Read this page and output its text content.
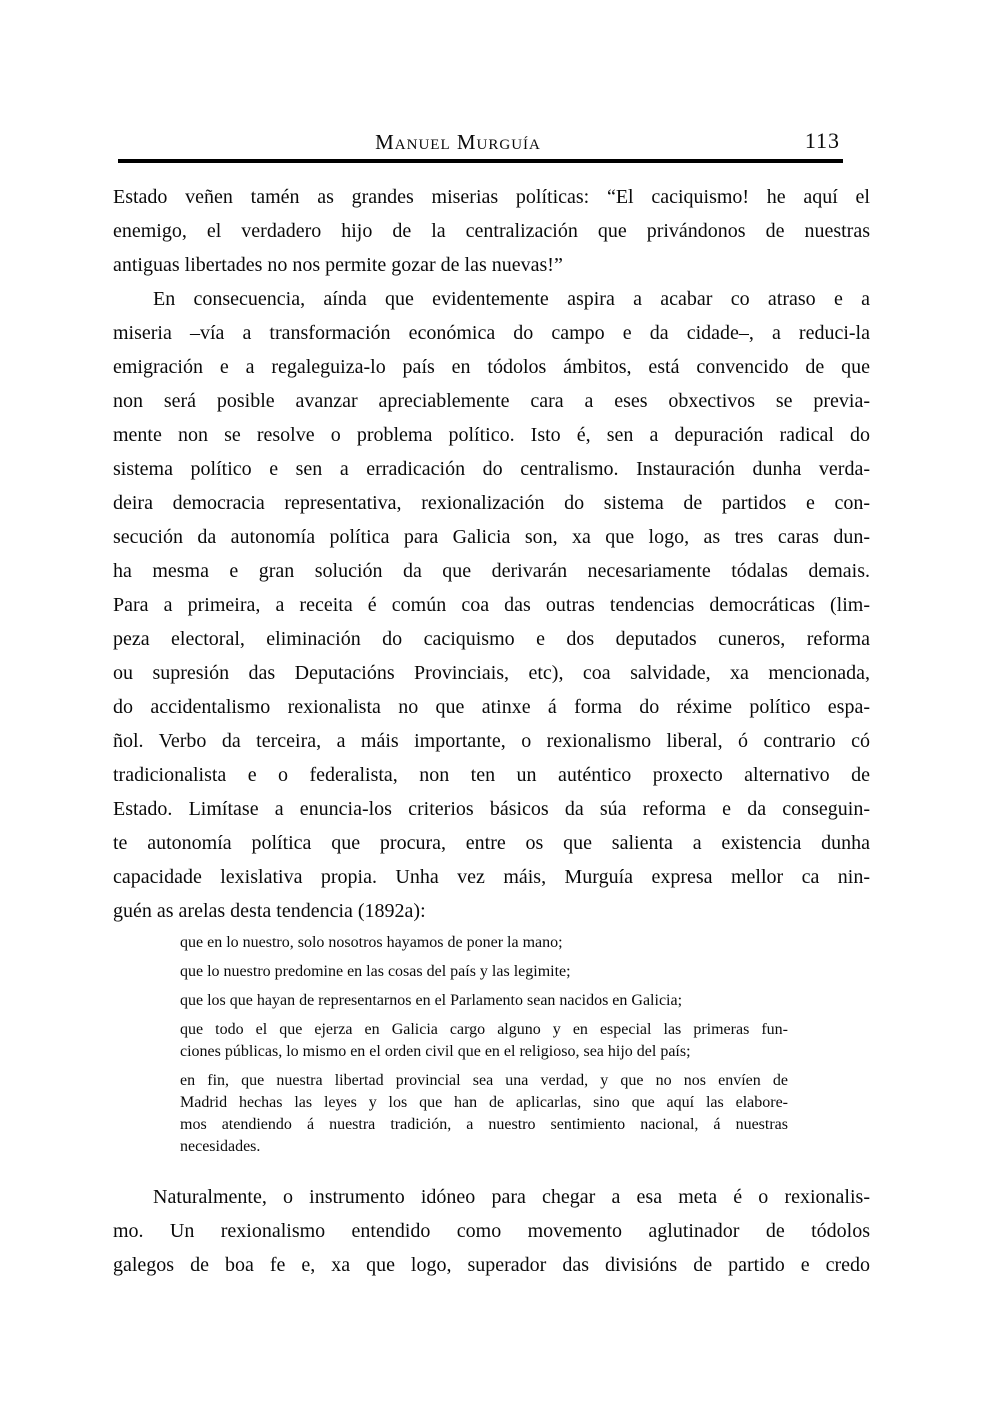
Manuel Murguía	113
Estado veñen tamén as grandes miserias políticas: “El caciquismo! he aquí el
enemigo, el verdadero hijo de la centralización que privándonos de nuestras
antiguas libertades no nos permite gozar de las nuevas!”
En consecuencia, aínda que evidentemente aspira a acabar co atraso e a
miseria –vía a transformación económica do campo e da cidade–, a reduci-la
emigración e a regaleguiza-lo país en tódolos ámbitos, está convencido de que
non será posible avanzar apreciablemente cara a eses obxectivos se previa-
mente non se resolve o problema político. Isto é, sen a depuración radical do
sistema político e sen a erradicación do centralismo. Instauración dunha verda-
deira democracia representativa, rexionalización do sistema de partidos e con-
secución da autonomía política para Galicia son, xa que logo, as tres caras dun-
ha mesma e gran solución da que derivarán necesariamente tódalas demais.
Para a primeira, a receita é común coa das outras tendencias democráticas (lim-
peza electoral, eliminación do caciquismo e dos deputados cuneros, reforma
ou supresión das Deputacións Provinciais, etc), coa salvidade, xa mencionada,
do accidentalismo rexionalista no que atinxe á forma do réxime político espa-
ñol. Verbo da terceira, a máis importante, o rexionalismo liberal, ó contrario có
tradicionalista e o federalista, non ten un auténtico proxecto alternativo de
Estado. Limítase a enuncia-los criterios básicos da súa reforma e da conseguin-
te autonomía política que procura, entre os que salienta a existencia dunha
capacidade lexislativa propia. Unha vez máis, Murguía expresa mellor ca nin-
guén as arelas desta tendencia (1892a):
que en lo nuestro, solo nosotros hayamos de poner la mano;
que lo nuestro predomine en las cosas del país y las legimite;
que los que hayan de representarnos en el Parlamento sean nacidos en Galicia;
que todo el que ejerza en Galicia cargo alguno y en especial las primeras fun-
ciones públicas, lo mismo en el orden civil que en el religioso, sea hijo del país;
en fin, que nuestra libertad provincial sea una verdad, y que no nos envíen de
Madrid hechas las leyes y los que han de aplicarlas, sino que aquí las elabore-
mos atendiendo á nuestra tradición, a nuestro sentimiento nacional, á nuestras
necesidades.
Naturalmente, o instrumento idóneo para chegar a esa meta é o rexionalis-
mo. Un rexionalismo entendido como movemento aglutinador de tódolos
galegos de boa fe e, xa que logo, superador das divisións de partido e credo
